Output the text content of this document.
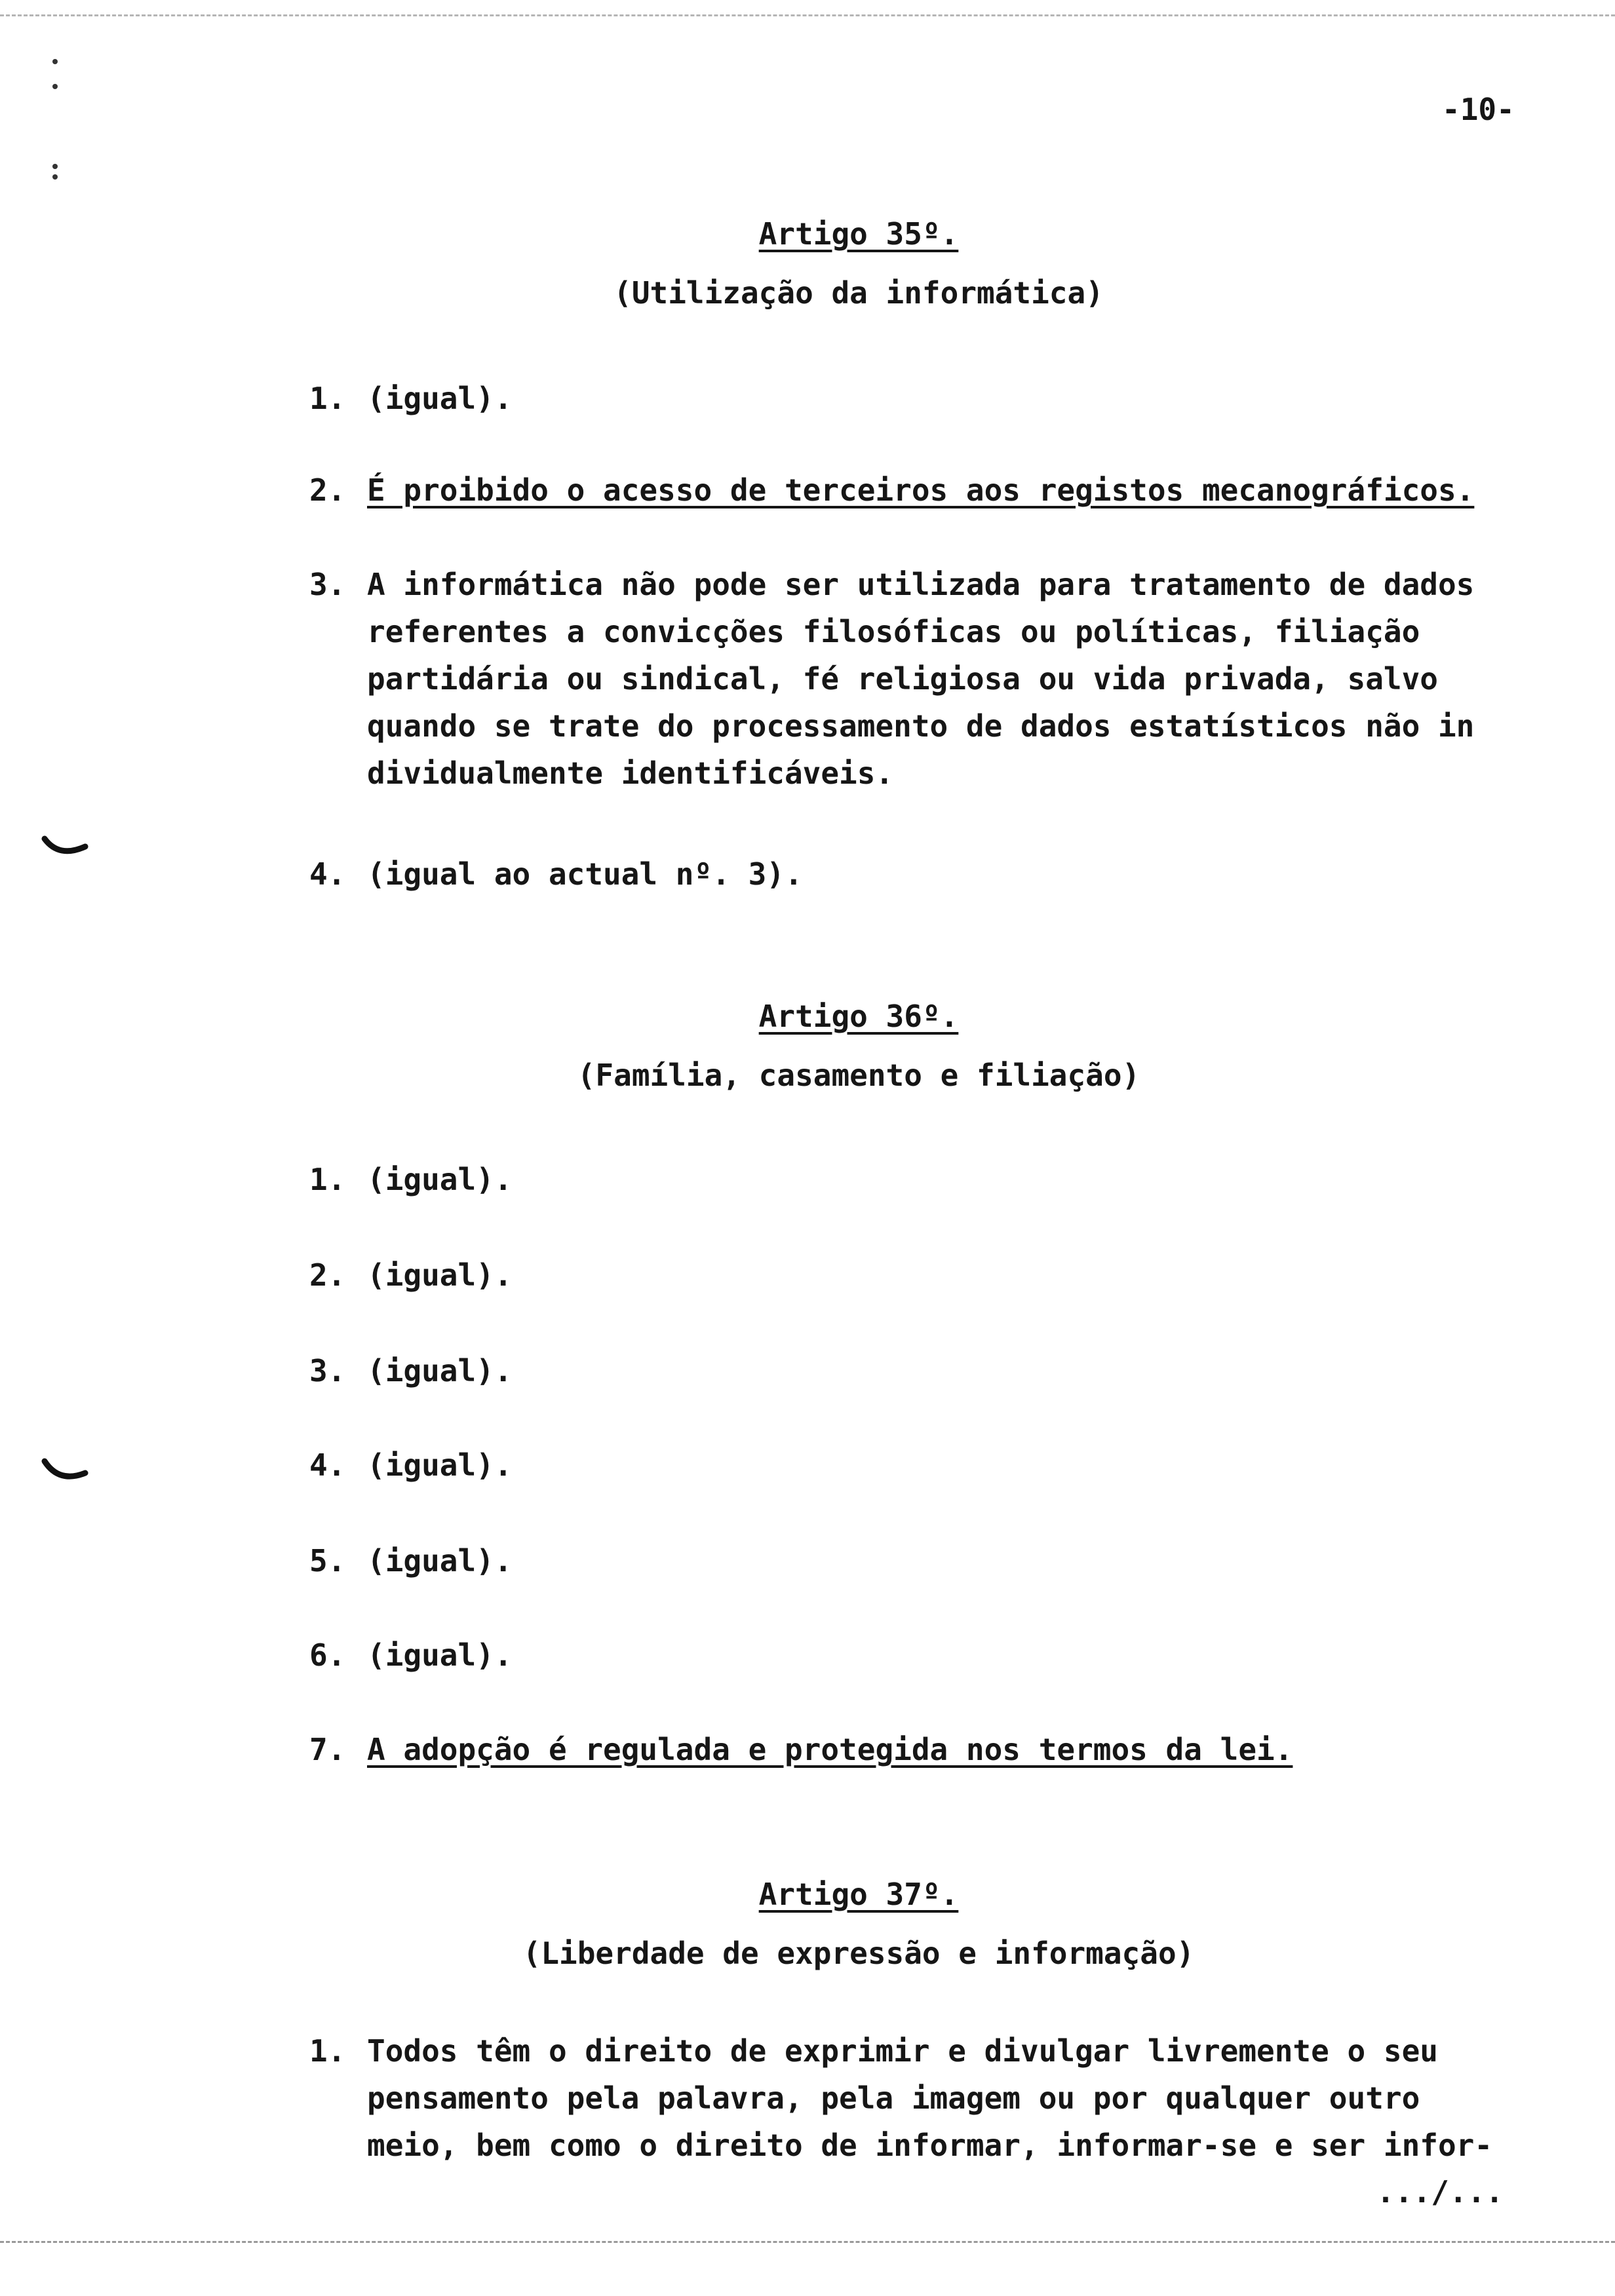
-10-
Artigo 35º.
(Utilização da informática)
1. (igual).
2. É proibido o acesso de terceiros aos registos mecanográficos.
3. A informática não pode ser utilizada para tratamento de dados
referentes a convicções filosóficas ou políticas, filiação
partidária ou sindical, fé religiosa ou vida privada, salvo
quando se trate do processamento de dados estatísticos não in
dividualmente identificáveis.
4. (igual ao actual nº. 3).
Artigo 36º.
(Família, casamento e filiação)
1. (igual).
2. (igual).
3. (igual).
4. (igual).
5. (igual).
6. (igual).
7. A adopção é regulada e protegida nos termos da lei.
Artigo 37º.
(Liberdade de expressão e informação)
1. Todos têm o direito de exprimir e divulgar livremente o seu
pensamento pela palavra, pela imagem ou por qualquer outro
meio, bem como o direito de informar, informar-se e ser infor-
.../...
